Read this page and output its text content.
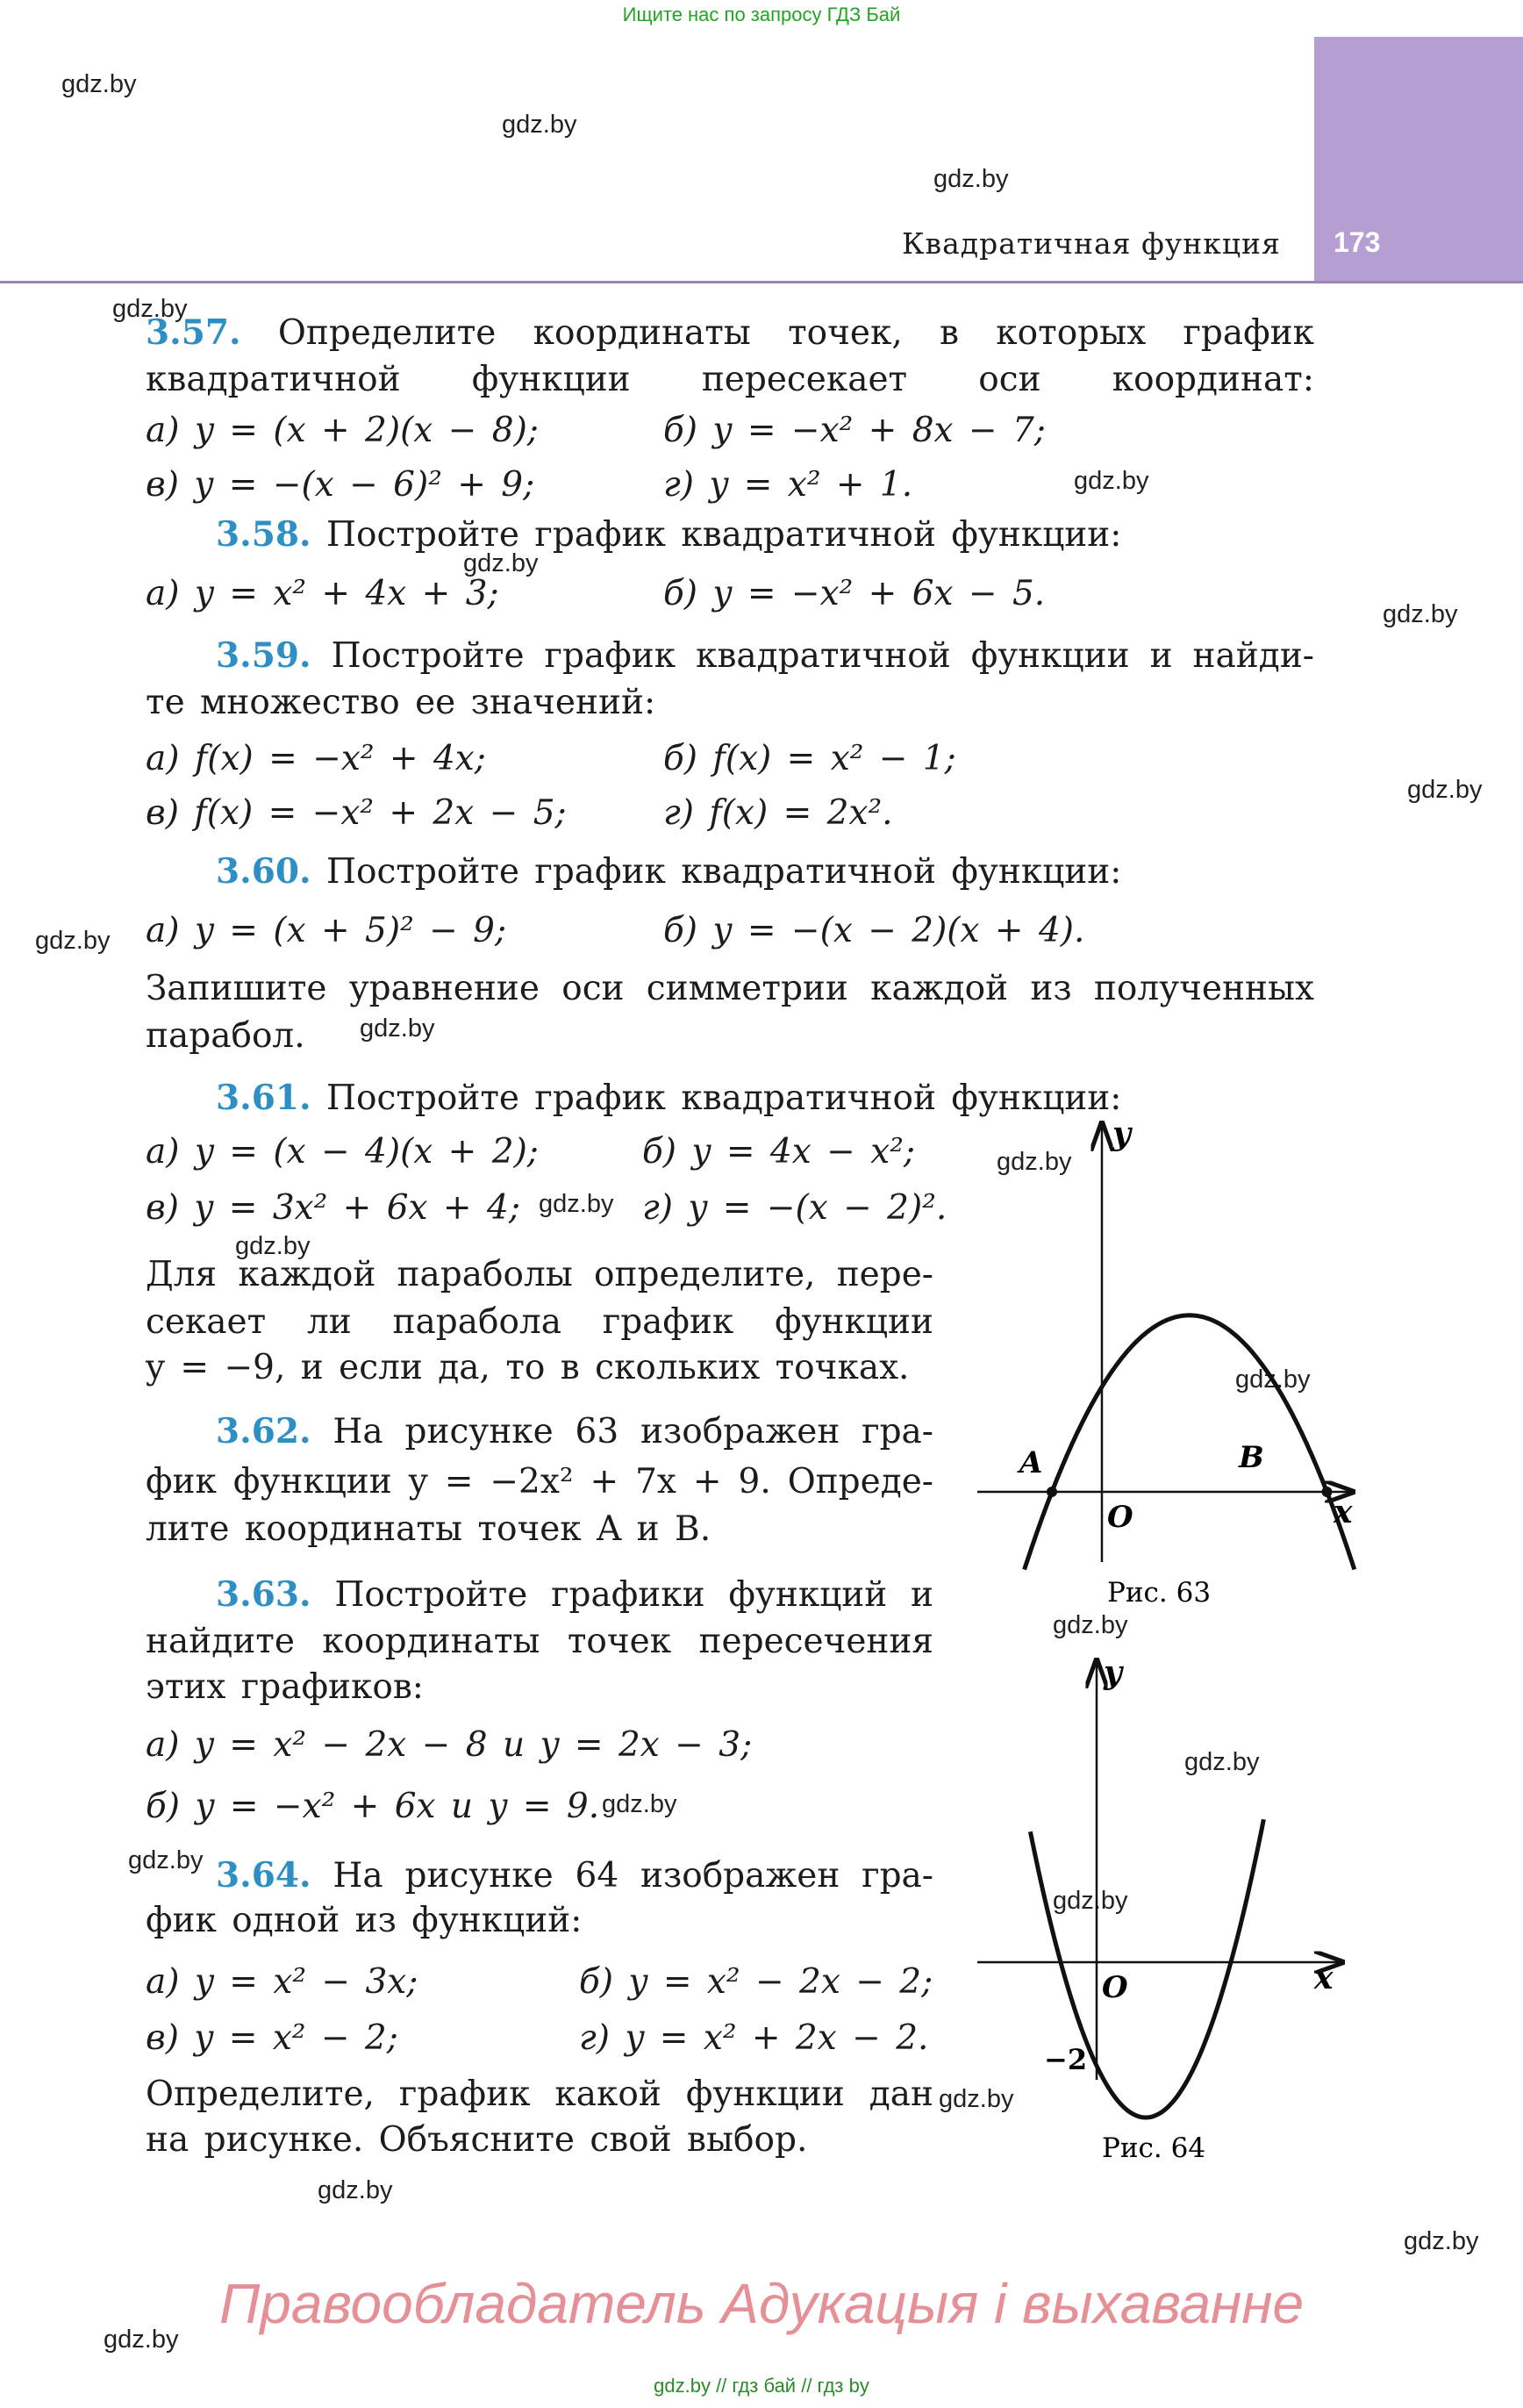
Ищите нас по запросу ГДЗ Бай
gdz.by
gdz.by
gdz.by
gdz.by
gdz.by
gdz.by
gdz.by
gdz.by
gdz.by
gdz.by
gdz.by
gdz.by
gdz.by
gdz.by
gdz.by
gdz.by
gdz.by
gdz.by
gdz.by
gdz.by
gdz.by
gdz.by
gdz.by
173
Квадратичная функция
3.57. Определите координаты точек, в которых график
квадратичной функции пересекает оси координат:
а) y = (x + 2)(x − 8);	б) y = −x² + 8x − 7;
в) y = −(x − 6)² + 9;	г) y = x² + 1.
3.58. Постройте график квадратичной функции:
а) y = x² + 4x + 3;	б) y = −x² + 6x − 5.
3.59. Постройте график квадратичной функции и найди-
те множество ее значений:
а) f(x) = −x² + 4x;	б) f(x) = x² − 1;
в) f(x) = −x² + 2x − 5;	г) f(x) = 2x².
3.60. Постройте график квадратичной функции:
а) y = (x + 5)² − 9;	б) y = −(x − 2)(x + 4).
Запишите уравнение оси симметрии каждой из полученных
парабол.
3.61. Постройте график квадратичной функции:
а) y = (x − 4)(x + 2);	б) y = 4x − x²;
в) y = 3x² + 6x + 4;	г) y = −(x − 2)².
Для каждой параболы определите, пере-
секает ли парабола график функции
y = −9, и если да, то в скольких точках.
3.62. На рисунке 63 изображен гра-
фик функции y = −2x² + 7x + 9. Опреде-
лите координаты точек A и B.
3.63. Постройте графики функций и
найдите координаты точек пересечения
этих графиков:
а) y = x² − 2x − 8 и y = 2x − 3;
б) y = −x² + 6x и y = 9.
3.64. На рисунке 64 изображен гра-
фик одной из функций:
а) y = x² − 3x;	б) y = x² − 2x − 2;
в) y = x² − 2;	г) y = x² + 2x − 2.
Определите, график какой функции дан
на рисунке. Объясните свой выбор.
x
y
O
A	B
Рис. 63
x
y
O
−2
Рис. 64
Правообладатель Адукацыя і выхаванне
gdz.by // гдз бай // гдз by
